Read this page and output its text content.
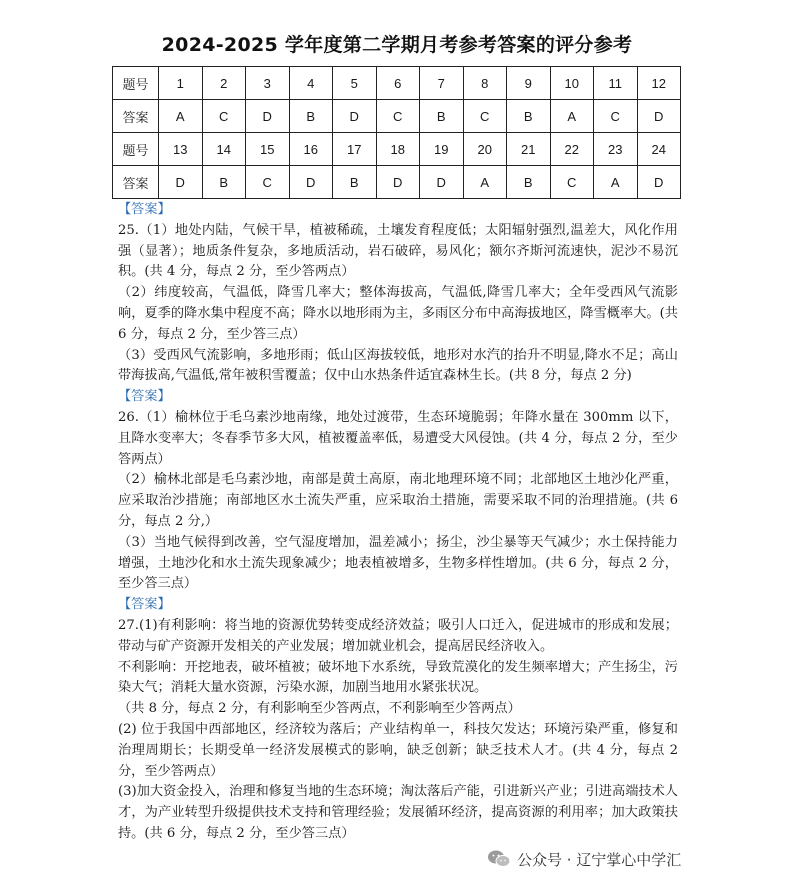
2024-2025 学年度第二学期月考参考答案的评分参考
题号	1	2	3	4	5	6	7	8	9	10	11	12
答案	A	C	D	B	D	C	B	C	B	A	C	D
题号	13	14	15	16	17	18	19	20	21	22	23	24
答案	D	B	C	D	B	D	D	A	B	C	A	D

【答案】

25.（1）地处内陆，气候干旱，植被稀疏，土壤发育程度低；太阳辐射强烈,温差大，风化作用强（显著）；地质条件复杂，多地质活动，岩石破碎，易风化；额尔齐斯河流速快，泥沙不易沉积。(共 4 分，每点 2 分，至少答两点）

（2）纬度较高，气温低，降雪几率大；整体海拔高，气温低,降雪几率大；全年受西风气流影响，夏季的降水集中程度不高；降水以地形雨为主，多雨区分布中高海拔地区，降雪概率大。(共 6 分，每点 2 分，至少答三点）

（3）受西风气流影响，多地形雨；低山区海拔较低，地形对水汽的抬升不明显,降水不足；高山带海拔高,气温低,常年被积雪覆盖；仅中山水热条件适宜森林生长。(共 8 分，每点 2 分)

【答案】

26.（1）榆林位于毛乌素沙地南缘，地处过渡带，生态环境脆弱；年降水量在 300mm 以下，且降水变率大；冬春季节多大风，植被覆盖率低，易遭受大风侵蚀。(共 4 分，每点 2 分，至少答两点）

（2）榆林北部是毛乌素沙地，南部是黄土高原，南北地理环境不同；北部地区土地沙化严重，应采取治沙措施；南部地区水土流失严重，应采取治土措施，需要采取不同的治理措施。(共 6 分，每点 2 分,）

（3）当地气候得到改善，空气湿度增加，温差减小；扬尘，沙尘暴等天气减少；水土保持能力增强，土地沙化和水土流失现象减少；地表植被增多，生物多样性增加。(共 6 分，每点 2 分，至少答三点）

【答案】

27.(1)有利影响：将当地的资源优势转变成经济效益；吸引人口迁入，促进城市的形成和发展；带动与矿产资源开发相关的产业发展；增加就业机会，提高居民经济收入。

不利影响：开挖地表，破坏植被；破坏地下水系统，导致荒漠化的发生频率增大；产生扬尘，污染大气；消耗大量水资源，污染水源，加剧当地用水紧张状况。

（共 8 分，每点 2 分，有利影响至少答两点，不利影响至少答两点）

(2) 位于我国中西部地区，经济较为落后；产业结构单一，科技欠发达；环境污染严重，修复和治理周期长；长期受单一经济发展模式的影响，缺乏创新；缺乏技术人才。(共 4 分，每点 2 分，至少答两点）

(3)加大资金投入，治理和修复当地的生态环境；淘汰落后产能，引进新兴产业；引进高端技术人才，为产业转型升级提供技术支持和管理经验；发展循环经济，提高资源的利用率；加大政策扶持。(共 6 分，每点 2 分，至少答三点）

公众号 · 辽宁掌心中学汇
